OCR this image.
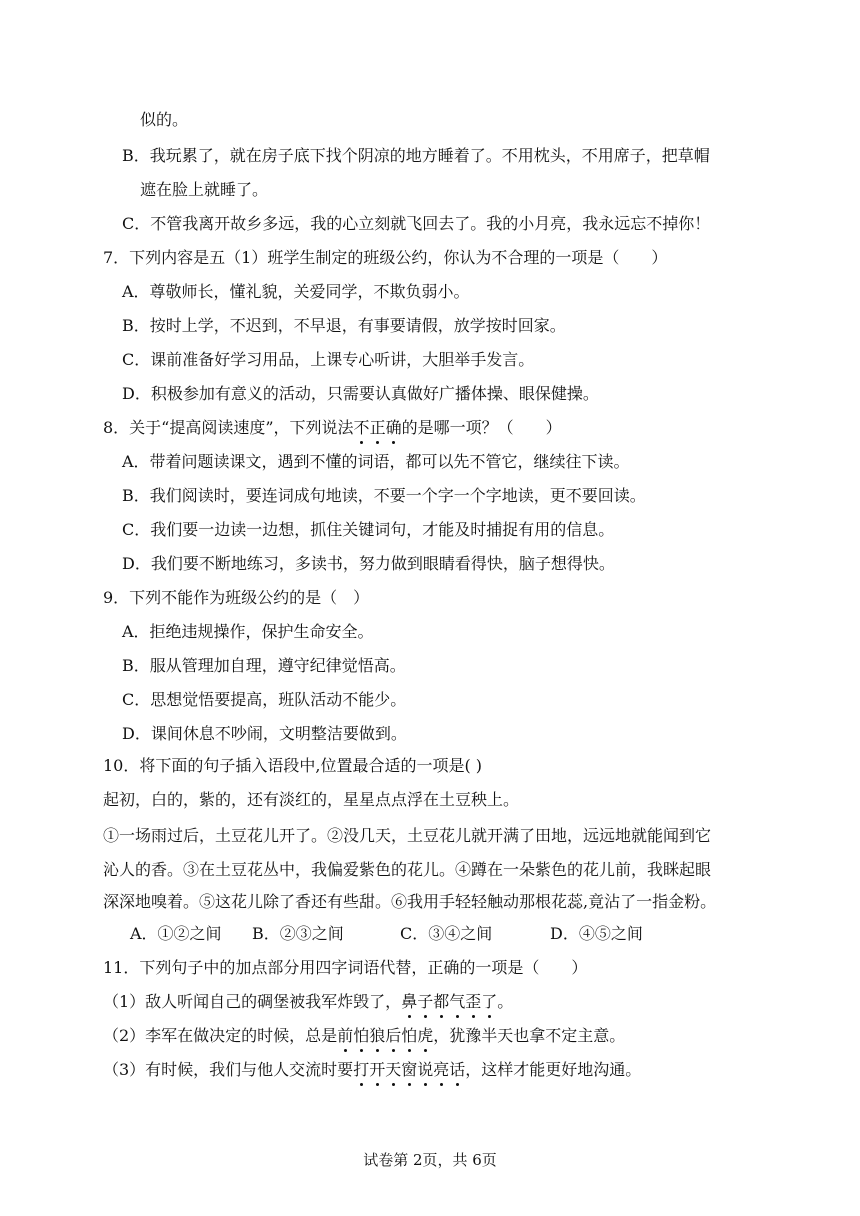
似的。
B．我玩累了，就在房子底下找个阴凉的地方睡着了。不用枕头，不用席子，把草帽
遮在脸上就睡了。
C．不管我离开故乡多远，我的心立刻就飞回去了。我的小月亮，我永远忘不掉你！
7．下列内容是五（1）班学生制定的班级公约，你认为不合理的一项是（　　）
A．尊敬师长，懂礼貌，关爱同学，不欺负弱小。
B．按时上学，不迟到，不早退，有事要请假，放学按时回家。
C．课前准备好学习用品，上课专心听讲，大胆举手发言。
D．积极参加有意义的活动，只需要认真做好广播体操、眼保健操。
8．关于“提高阅读速度”，下列说法不正确的是哪一项？（　　）
A．带着问题读课文，遇到不懂的词语，都可以先不管它，继续往下读。
B．我们阅读时，要连词成句地读，不要一个字一个字地读，更不要回读。
C．我们要一边读一边想，抓住关键词句，才能及时捕捉有用的信息。
D．我们要不断地练习，多读书，努力做到眼睛看得快，脑子想得快。
9．下列不能作为班级公约的是（　）
A．拒绝违规操作，保护生命安全。
B．服从管理加自理，遵守纪律觉悟高。
C．思想觉悟要提高，班队活动不能少。
D．课间休息不吵闹，文明整洁要做到。
10．将下面的句子插入语段中,位置最合适的一项是( )
起初，白的，紫的，还有淡红的，星星点点浮在土豆秧上。
①一场雨过后，土豆花儿开了。②没几天，土豆花儿就开满了田地，远远地就能闻到它
沁人的香。③在土豆花丛中，我偏爱紫色的花儿。④蹲在一朵紫色的花儿前，我眯起眼
深深地嗅着。⑤这花儿除了香还有些甜。⑥我用手轻轻触动那根花蕊,竟沾了一指金粉。
A．①②之间 B．②③之间	C．③④之间	D．④⑤之间
11．下列句子中的加点部分用四字词语代替，正确的一项是（　　）
（1）敌人听闻自己的碉堡被我军炸毁了，鼻子都气歪了。
（2）李军在做决定的时候，总是前怕狼后怕虎，犹豫半天也拿不定主意。
（3）有时候，我们与他人交流时要打开天窗说亮话，这样才能更好地沟通。
试卷第 2页，共 6页
